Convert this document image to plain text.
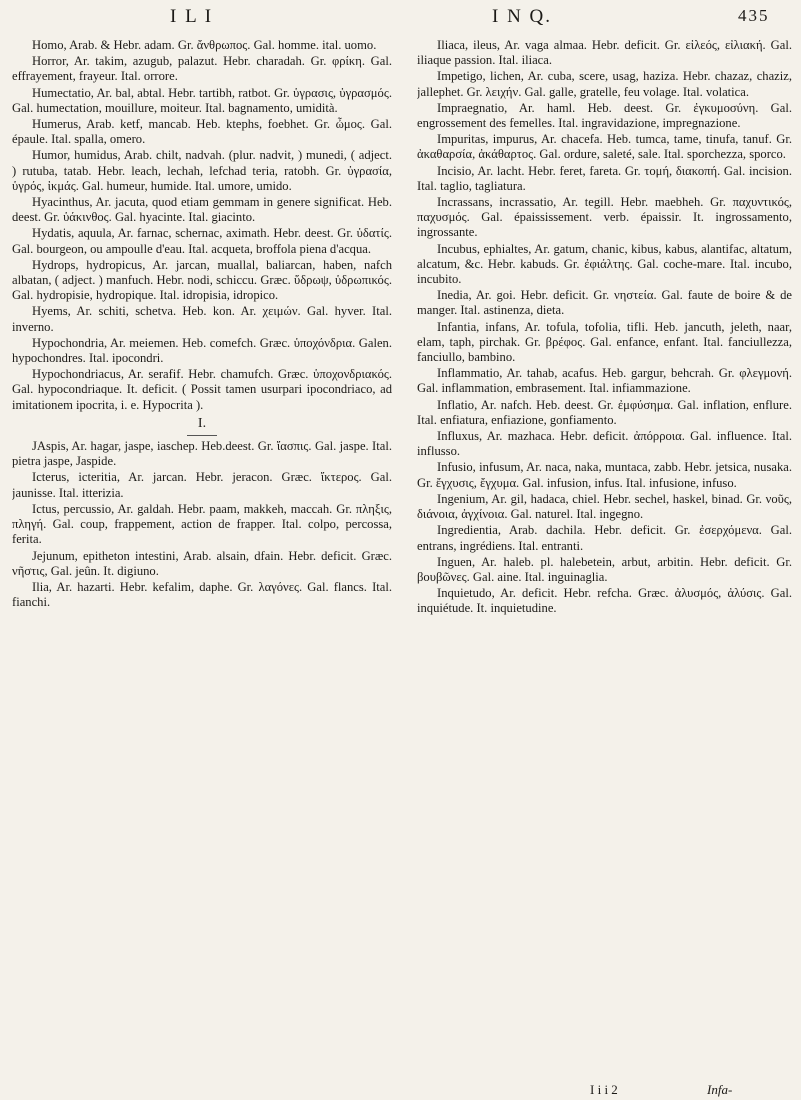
I L I	I N Q.	435

Homo, Arab. & Hebr. adam. Gr. ἄνθρωπος. Gal. homme. ital. uomo.

Horror, Ar. takim, azugub, palazut. Hebr. charadah. Gr. φρίκη. Gal. effrayement, frayeur. Ital. orrore.

Humectatio, Ar. bal, abtal. Hebr. tartibh, ratbot. Gr. ὑγρασις, ὑγρασμός. Gal. humectation, mouillure, moiteur. Ital. bagnamento, umidità.

Humerus, Arab. ketf, mancab. Heb. ktephs, foebhet. Gr. ὦμος. Gal. épaule. Ital. spalla, omero.

Humor, humidus, Arab. chilt, nadvah. (plur. nadvit, ) munedi, ( adject. ) rutuba, tatab. Hebr. leach, lechah, lefchad teria, ratobh. Gr. ὑγρασία, ὑγρός, ἰκμάς. Gal. humeur, humide. Ital. umore, umido.

Hyacinthus, Ar. jacuta, quod etiam gemmam in genere significat. Heb. deest. Gr. ὑάκινθος. Gal. hyacinte. Ital. giacinto.

Hydatis, aquula, Ar. farnac, schernac, aximath. Hebr. deest. Gr. ὑδατίς. Gal. bourgeon, ou ampoulle d'eau. Ital. acqueta, broffola piena d'acqua.

Hydrops, hydropicus, Ar. jarcan, muallal, baliarcan, haben, nafch albatan, ( adject. ) manfuch. Hebr. nodi, schiccu. Græc. ὕδρωψ, ὑδρωπικός. Gal. hydropisie, hydropique. Ital. idropisia, idropico.

Hyems, Ar. schiti, schetva. Heb. kon. Ar. χειμών. Gal. hyver. Ital. inverno.

Hypochondria, Ar. meiemen. Heb. comefch. Græc. ὑποχόνδρια. Galen. hypochondres. Ital. ipocondri.

Hypochondriacus, Ar. serafif. Hebr. chamufch. Græc. ὑποχονδριακός. Gal. hypocondriaque. It. deficit. ( Possit tamen usurpari ipocondriaco, ad imitationem ipocrita, i. e. Hypocrita ).

I.

JAspis, Ar. hagar, jaspe, iaschep. Heb.deest. Gr. ἴασπις. Gal. jaspe. Ital. pietra jaspe, Jaspide.

Icterus, icteritia, Ar. jarcan. Hebr. jeracon. Græc. ἴκτερος. Gal. jaunisse. Ital. itterizia.

Ictus, percussio, Ar. galdah. Hebr. paam, makkeh, maccah. Gr. πληξις, πληγή. Gal. coup, frappement, action de frapper. Ital. colpo, percossa, ferita.

Jejunum, epitheton intestini, Arab. alsain, dfain. Hebr. deficit. Græc. νῆστις, Gal. jeûn. It. digiuno.

Ilia, Ar. hazarti. Hebr. kefalim, daphe. Gr. λαγόνες. Gal. flancs. Ital. fianchi.

Iliaca, ileus, Ar. vaga almaa. Hebr. deficit. Gr. εἰλεός, εἰλιακή. Gal. iliaque passion. Ital. iliaca.

Impetigo, lichen, Ar. cuba, scere, usag, haziza. Hebr. chazaz, chaziz, jallephet. Gr. λειχήν. Gal. galle, gratelle, feu volage. Ital. volatica.

Impraegnatio, Ar. haml. Heb. deest. Gr. ἐγκυμοσύνη. Gal. engrossement des femelles. Ital. ingravidazione, impregnazione.

Impuritas, impurus, Ar. chacefa. Heb. tumca, tame, tinufa, tanuf. Gr. ἀκαθαρσία, ἀκάθαρτος. Gal. ordure, saleté, sale. Ital. sporchezza, sporco.

Incisio, Ar. lacht. Hebr. feret, fareta. Gr. τομή, διακοπή. Gal. incision. Ital. taglio, tagliatura.

Incrassans, incrassatio, Ar. tegill. Hebr. maebheh. Gr. παχυντικός, παχυσμός. Gal. épaississement. verb. épaissir. It. ingrossamento, ingrossante.

Incubus, ephialtes, Ar. gatum, chanic, kibus, kabus, alantifac, altatum, alcatum, &c. Hebr. kabuds. Gr. ἐφιάλτης. Gal. coche-mare. Ital. incubo, incubito.

Inedia, Ar. goi. Hebr. deficit. Gr. νηστεία. Gal. faute de boire & de manger. Ital. astinenza, dieta.

Infantia, infans, Ar. tofula, tofolia, tifli. Heb. jancuth, jeleth, naar, elam, taph, pirchak. Gr. βρέφος. Gal. enfance, enfant. Ital. fanciullezza, fanciullo, bambino.

Inflammatio, Ar. tahab, acafus. Heb. gargur, behcrah. Gr. φλεγμονή. Gal. inflammation, embrasement. Ital. infiammazione.

Inflatio, Ar. nafch. Heb. deest. Gr. ἐμφύσημα. Gal. inflation, enflure. Ital. enfiatura, enfiazione, gonfiamento.

Influxus, Ar. mazhaca. Hebr. deficit. ἀπόρροια. Gal. influence. Ital. influsso.

Infusio, infusum, Ar. naca, naka, muntaca, zabb. Hebr. jetsica, nusaka. Gr. ἔγχυσις, ἔγχυμα. Gal. infusion, infus. Ital. infusione, infuso.

Ingenium, Ar. gil, hadaca, chiel. Hebr. sechel, haskel, binad. Gr. νοῦς, διάνοια, ἀγχίνοια. Gal. naturel. Ital. ingegno.

Ingredientia, Arab. dachila. Hebr. deficit. Gr. ἐσερχόμενα. Gal. entrans, ingrédiens. Ital. entranti.

Inguen, Ar. haleb. pl. halebetein, arbut, arbitin. Hebr. deficit. Gr. βουβῶνες. Gal. aine. Ital. inguinaglia.

Inquietudo, Ar. deficit. Hebr. refcha. Græc. ἀλυσμός, ἀλύσις. Gal. inquiétude. It. inquietudine.

I i i 2	Infa-
